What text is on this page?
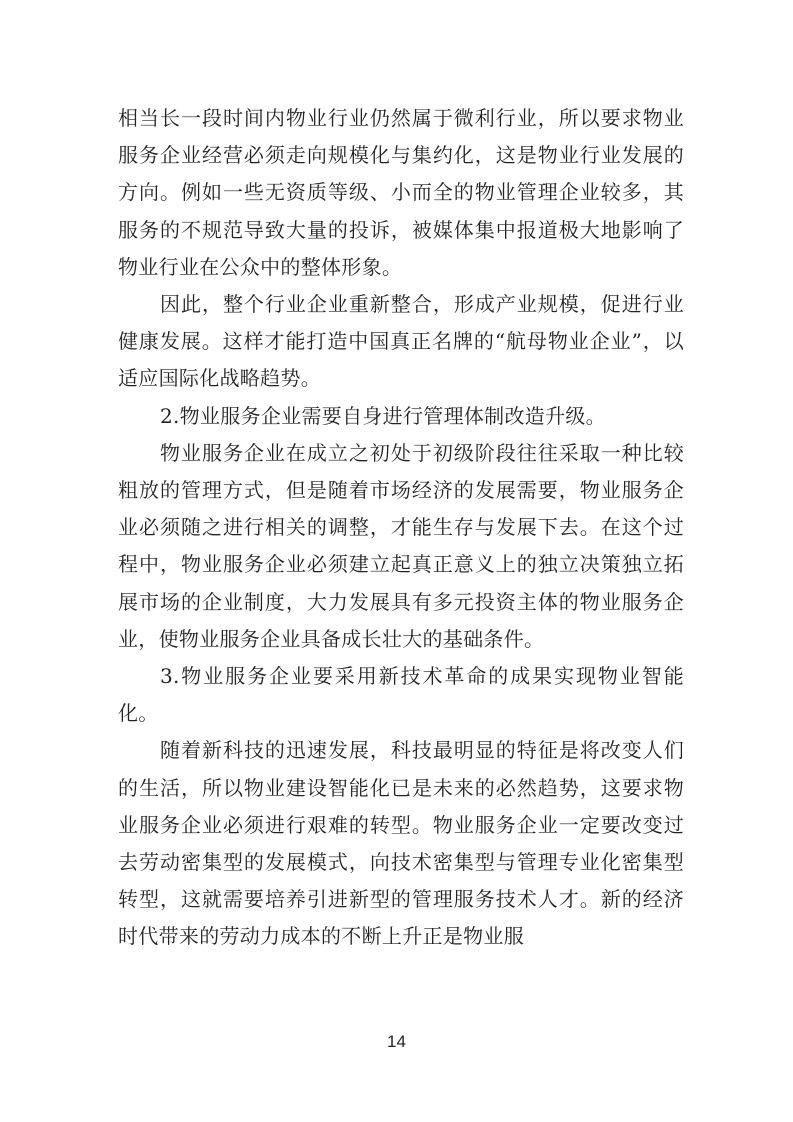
相当长一段时间内物业行业仍然属于微利行业，所以要求物业服务企业经营必须走向规模化与集约化，这是物业行业发展的方向。例如一些无资质等级、小而全的物业管理企业较多，其服务的不规范导致大量的投诉，被媒体集中报道极大地影响了物业行业在公众中的整体形象。

因此，整个行业企业重新整合，形成产业规模，促进行业健康发展。这样才能打造中国真正名牌的“航母物业企业”，以适应国际化战略趋势。

2.物业服务企业需要自身进行管理体制改造升级。

物业服务企业在成立之初处于初级阶段往往采取一种比较粗放的管理方式，但是随着市场经济的发展需要，物业服务企业必须随之进行相关的调整，才能生存与发展下去。在这个过程中，物业服务企业必须建立起真正意义上的独立决策独立拓展市场的企业制度，大力发展具有多元投资主体的物业服务企业，使物业服务企业具备成长壮大的基础条件。

3.物业服务企业要采用新技术革命的成果实现物业智能化。

随着新科技的迅速发展，科技最明显的特征是将改变人们的生活，所以物业建设智能化已是未来的必然趋势，这要求物业服务企业必须进行艰难的转型。物业服务企业一定要改变过去劳动密集型的发展模式，向技术密集型与管理专业化密集型转型，这就需要培养引进新型的管理服务技术人才。新的经济时代带来的劳动力成本的不断上升正是物业服

14
